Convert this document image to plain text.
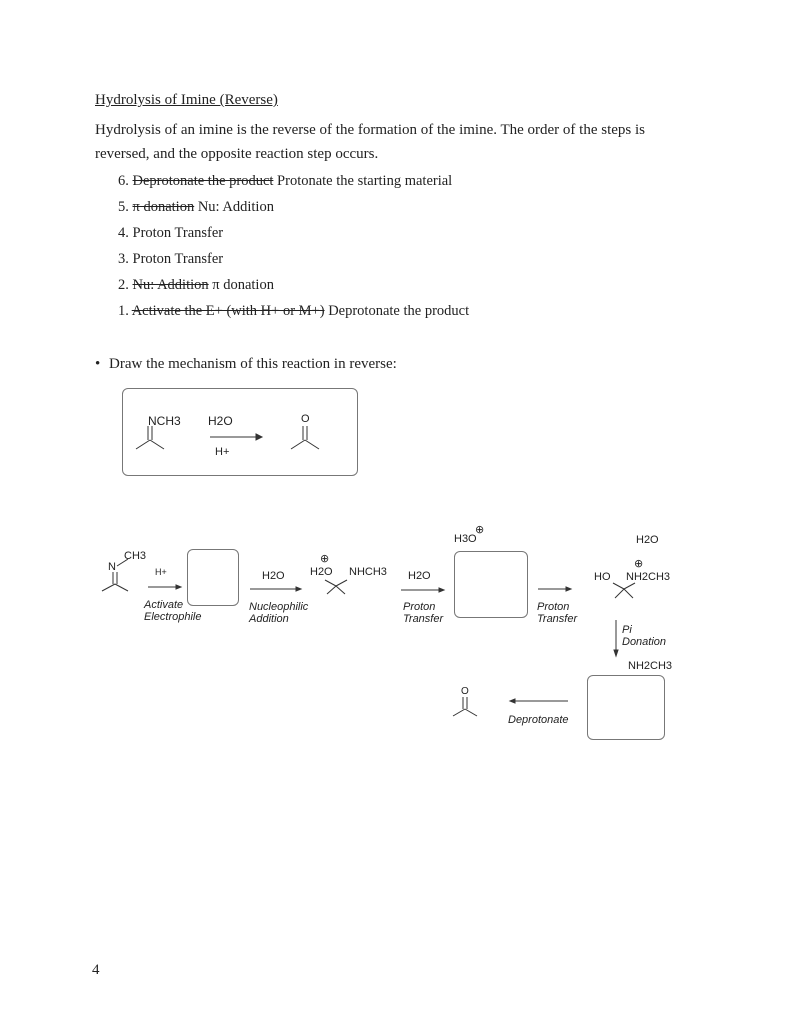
Hydrolysis of Imine (Reverse)
Hydrolysis of an imine is the reverse of the formation of the imine. The order of the steps is reversed, and the opposite reaction step occurs.
6. Deprotonate the product Protonate the starting material
5. π donation Nu: Addition
4. Proton Transfer
3. Proton Transfer
2. Nu: Addition π donation
1. Activate the E+ (with H+ or M+) Deprotonate the product
• Draw the mechanism of this reaction in reverse:
NCH3 H2O
H+
O
N
CH3
H+
Activate
Electrophile
H2O
Nucleophilic
Addition
⊕
H2O NHCH3 H2O
Proton
Transfer
H3O
⊕
Proton
Transfer
H2O
⊕
HO NH2CH3
Pi
Donation
NH2CH3
Deprotonate
O
4
